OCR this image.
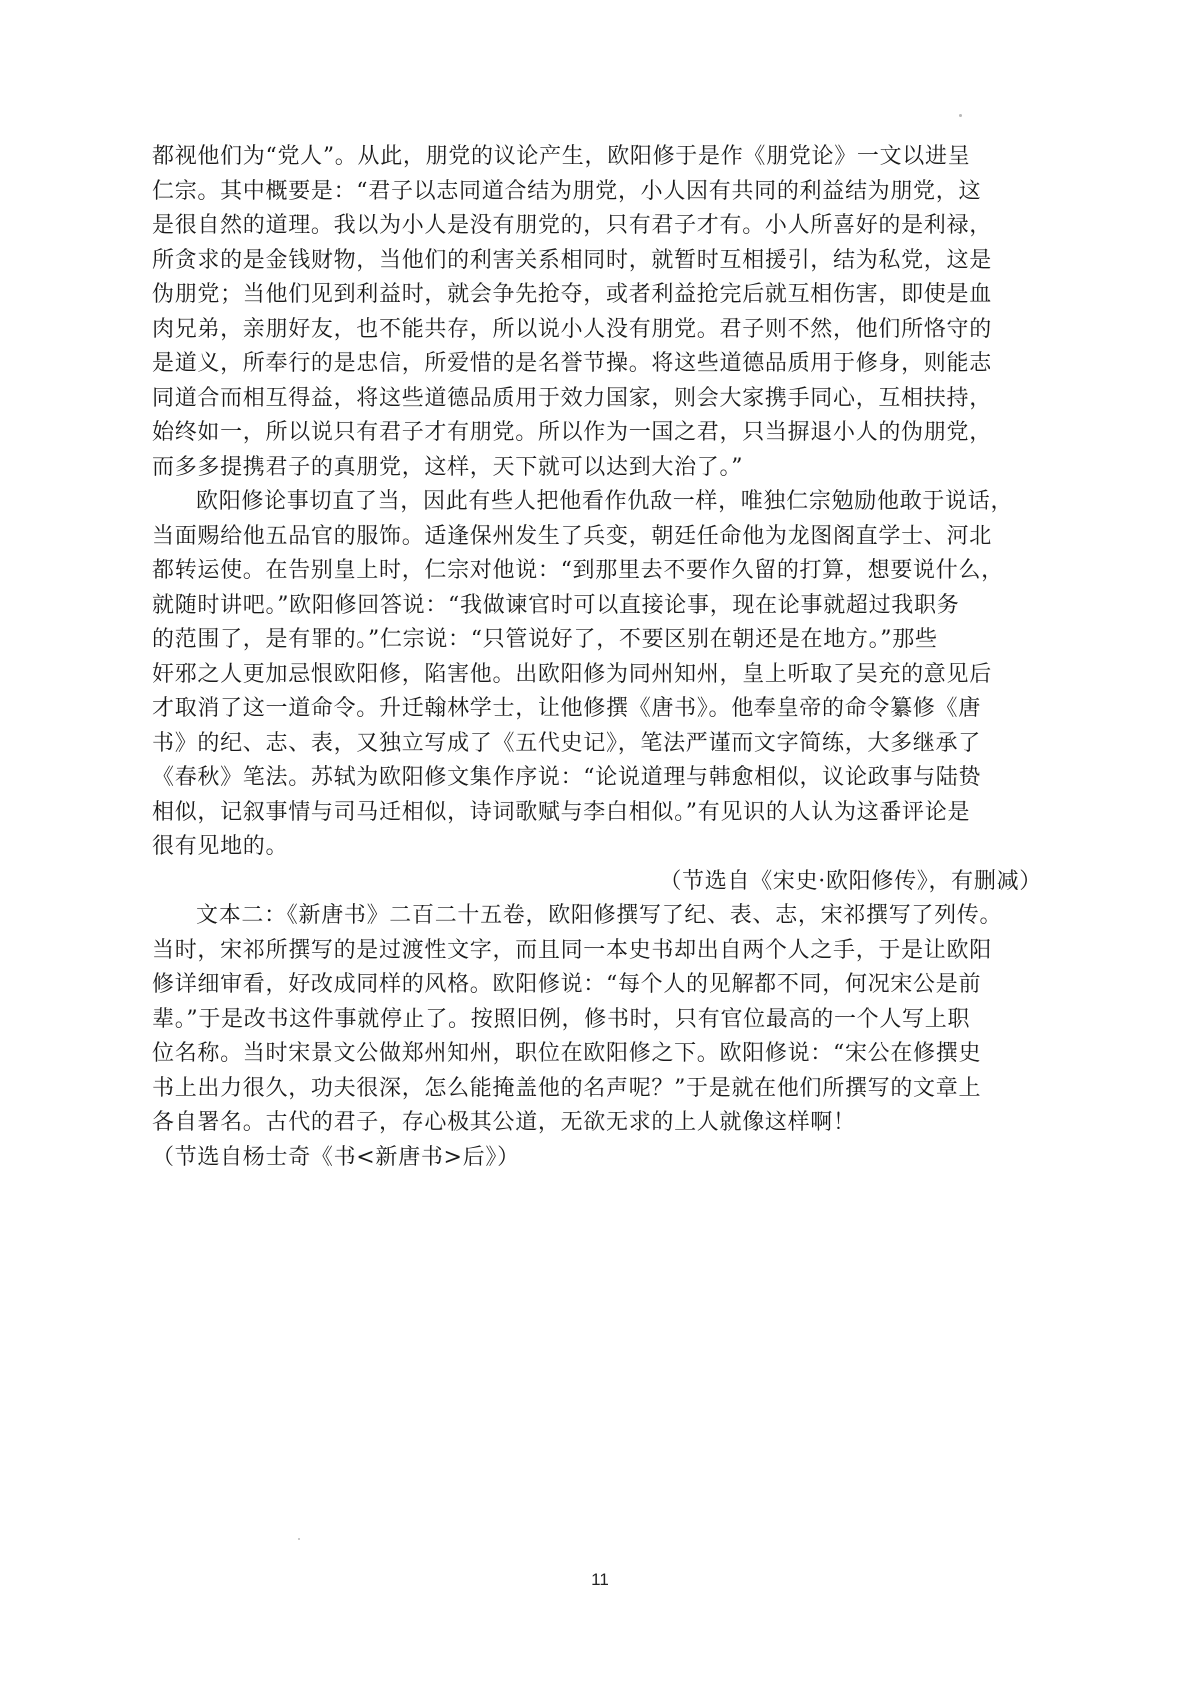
都视他们为“党人”。从此，朋党的议论产生，欧阳修于是作《朋党论》一文以进呈
仁宗。其中概要是：“君子以志同道合结为朋党，小人因有共同的利益结为朋党，这
是很自然的道理。我以为小人是没有朋党的，只有君子才有。小人所喜好的是利禄，
所贪求的是金钱财物，当他们的利害关系相同时，就暂时互相援引，结为私党，这是
伪朋党；当他们见到利益时，就会争先抢夺，或者利益抢完后就互相伤害，即使是血
肉兄弟，亲朋好友，也不能共存，所以说小人没有朋党。君子则不然，他们所恪守的
是道义，所奉行的是忠信，所爱惜的是名誉节操。将这些道德品质用于修身，则能志
同道合而相互得益，将这些道德品质用于效力国家，则会大家携手同心，互相扶持，
始终如一，所以说只有君子才有朋党。所以作为一国之君，只当摒退小人的伪朋党，
而多多提携君子的真朋党，这样，天下就可以达到大治了。”
欧阳修论事切直了当，因此有些人把他看作仇敌一样，唯独仁宗勉励他敢于说话，
当面赐给他五品官的服饰。适逢保州发生了兵变，朝廷任命他为龙图阁直学士、河北
都转运使。在告别皇上时，仁宗对他说：“到那里去不要作久留的打算，想要说什么，
就随时讲吧。”欧阳修回答说：“我做谏官时可以直接论事，现在论事就超过我职务
的范围了，是有罪的。”仁宗说：“只管说好了，不要区别在朝还是在地方。”那些
奸邪之人更加忌恨欧阳修，陷害他。出欧阳修为同州知州，皇上听取了吴充的意见后
才取消了这一道命令。升迁翰林学士，让他修撰《唐书》。他奉皇帝的命令纂修《唐
书》的纪、志、表，又独立写成了《五代史记》，笔法严谨而文字简练，大多继承了
《春秋》笔法。苏轼为欧阳修文集作序说：“论说道理与韩愈相似，议论政事与陆贽
相似，记叙事情与司马迁相似，诗词歌赋与李白相似。”有见识的人认为这番评论是
很有见地的。
（节选自《宋史·欧阳修传》，有删减）
文本二：《新唐书》二百二十五卷，欧阳修撰写了纪、表、志，宋祁撰写了列传。
当时，宋祁所撰写的是过渡性文字，而且同一本史书却出自两个人之手，于是让欧阳
修详细审看，好改成同样的风格。欧阳修说：“每个人的见解都不同，何况宋公是前
辈。”于是改书这件事就停止了。按照旧例，修书时，只有官位最高的一个人写上职
位名称。当时宋景文公做郑州知州，职位在欧阳修之下。欧阳修说：“宋公在修撰史
书上出力很久，功夫很深，怎么能掩盖他的名声呢？”于是就在他们所撰写的文章上
各自署名。古代的君子，存心极其公道，无欲无求的上人就像这样啊！
（节选自杨士奇《书<新唐书>后》）
11
